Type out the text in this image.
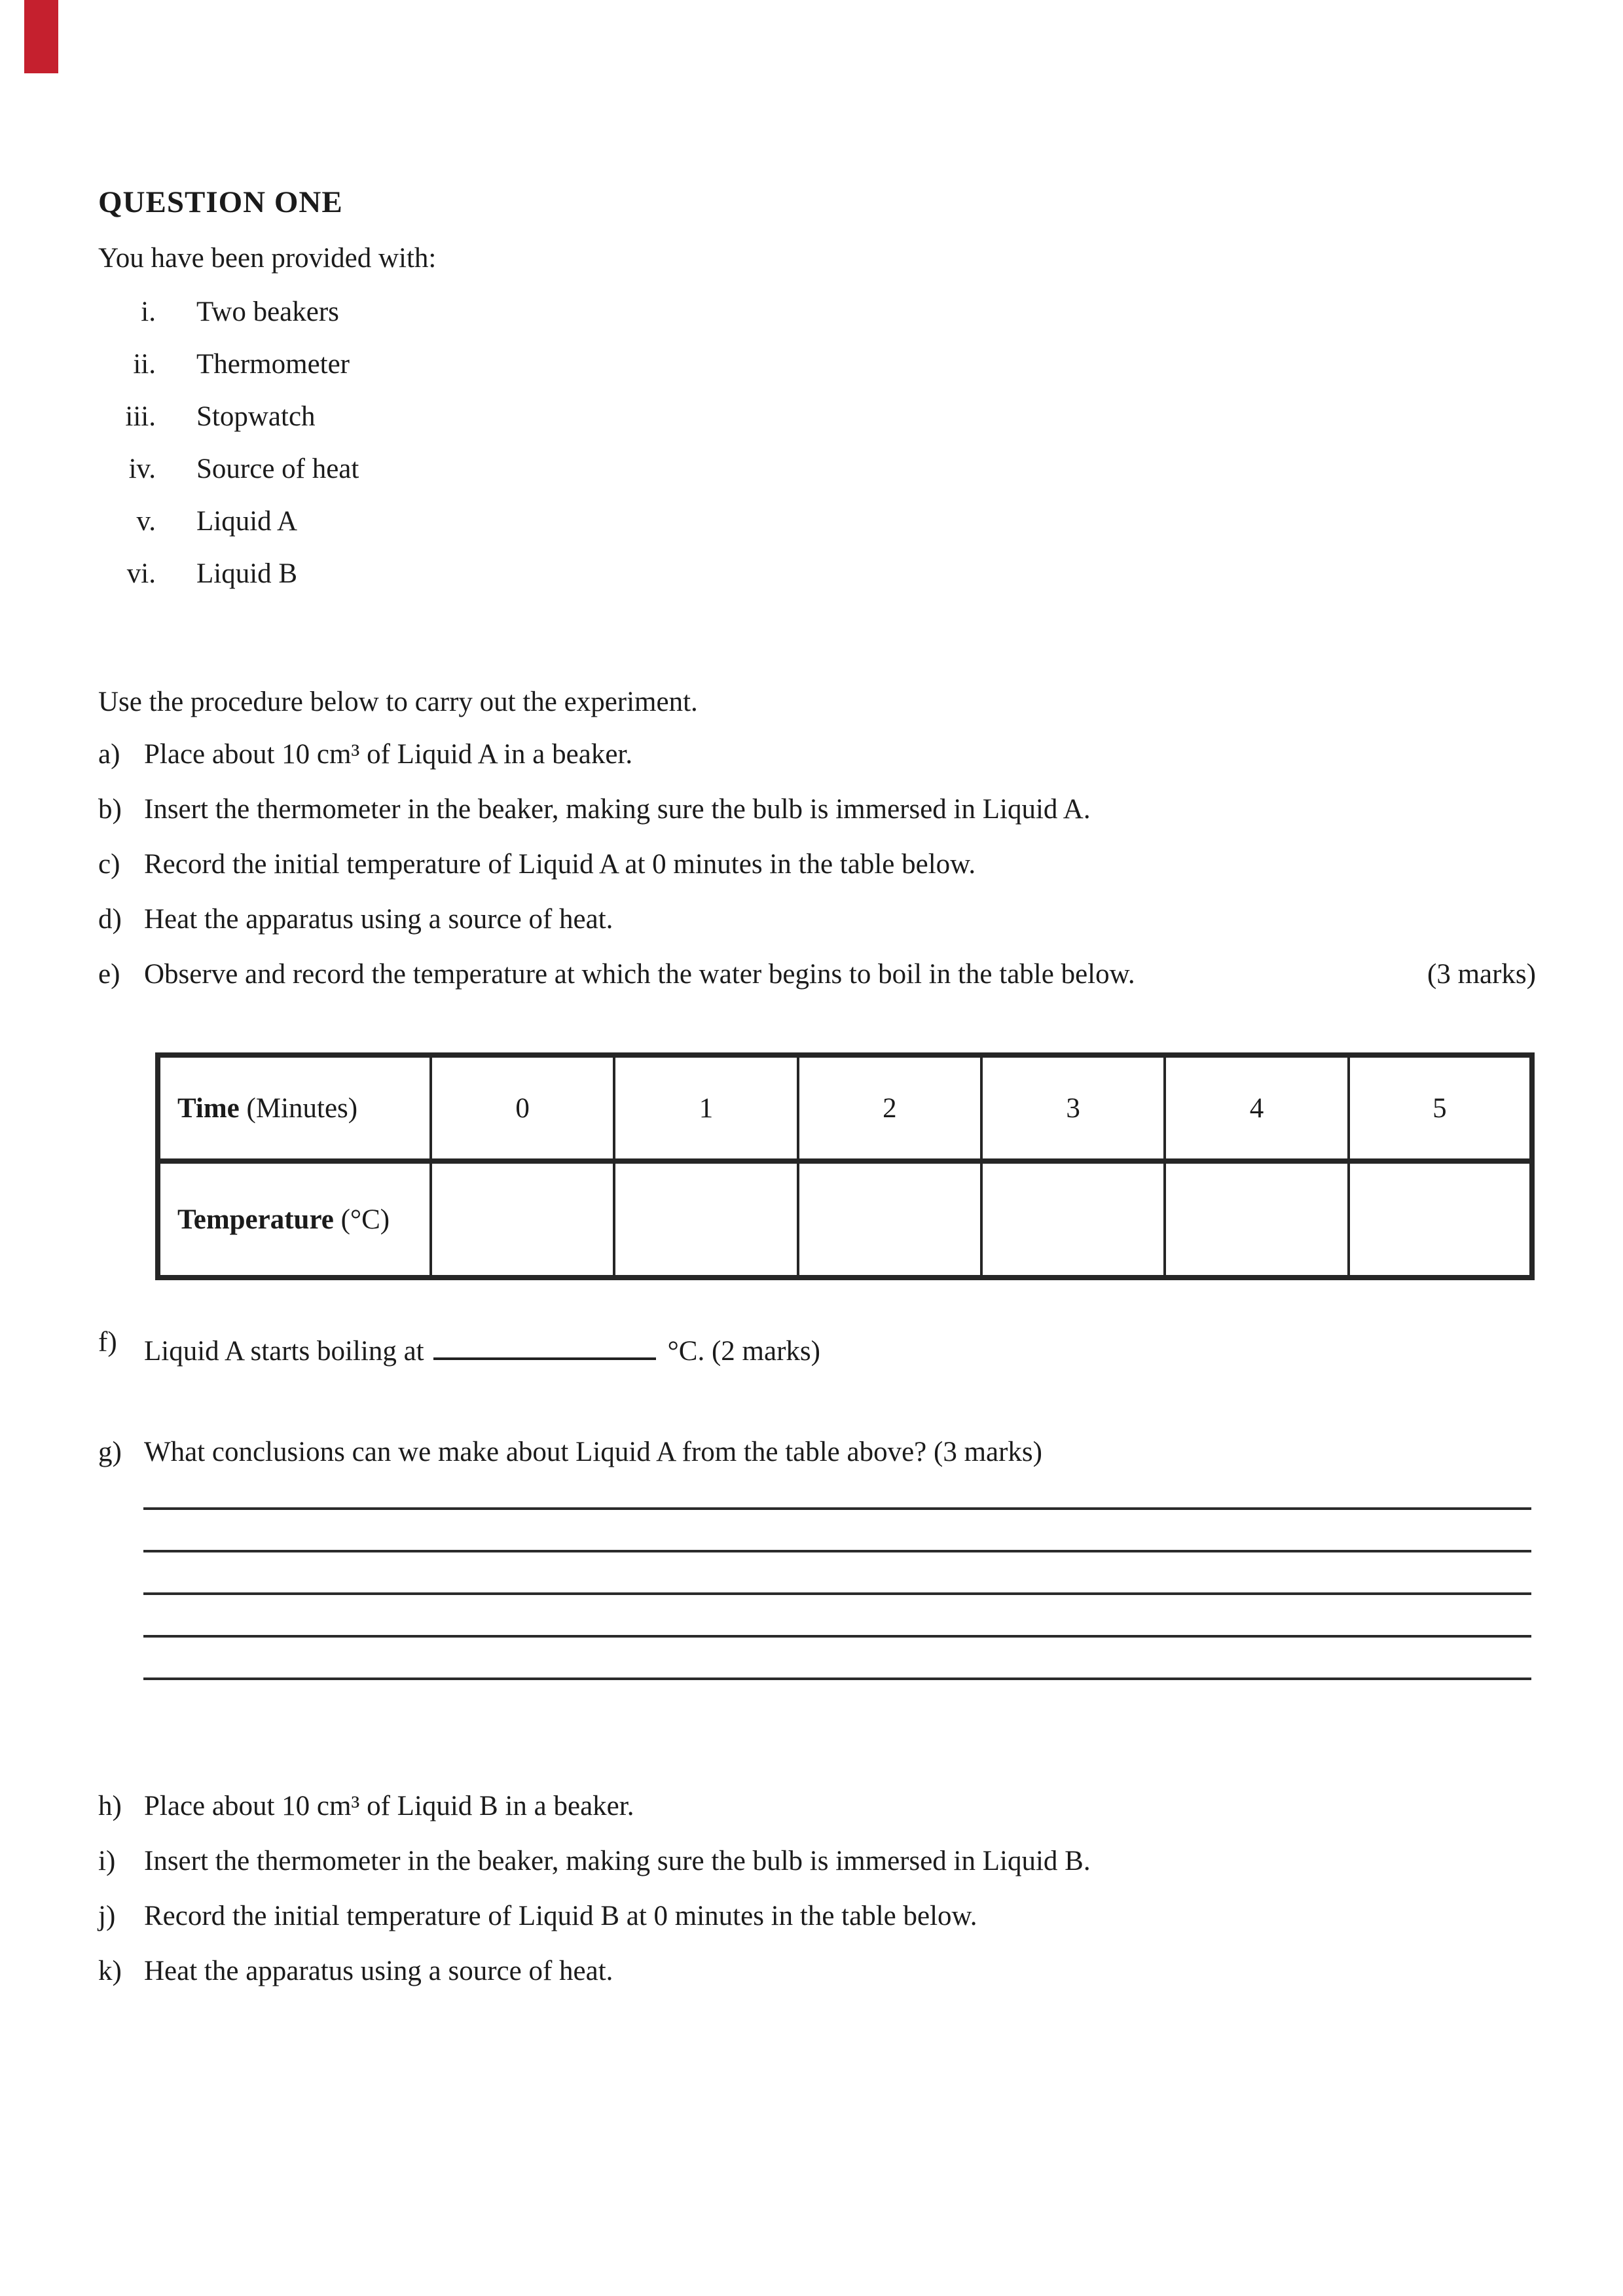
QUESTION ONE
You have been provided with:
i. Two beakers
ii. Thermometer
iii. Stopwatch
iv. Source of heat
v. Liquid A
vi. Liquid B
Use the procedure below to carry out the experiment.
a) Place about 10 cm³ of Liquid A in a beaker.
b) Insert the thermometer in the beaker, making sure the bulb is immersed in Liquid A.
c) Record the initial temperature of Liquid A at 0 minutes in the table below.
d) Heat the apparatus using a source of heat.
e) Observe and record the temperature at which the water begins to boil in the table below.	(3 marks)
Time (Minutes)	0	1	2	3	4	5
Temperature (°C)						
f) Liquid A starts boiling at	°C. (2 marks)
g) What conclusions can we make about Liquid A from the table above? (3 marks)
h) Place about 10 cm³ of Liquid B in a beaker.
i)	Insert the thermometer in the beaker, making sure the bulb is immersed in Liquid B.
j)	Record the initial temperature of Liquid B at 0 minutes in the table below.
k) Heat the apparatus using a source of heat.
